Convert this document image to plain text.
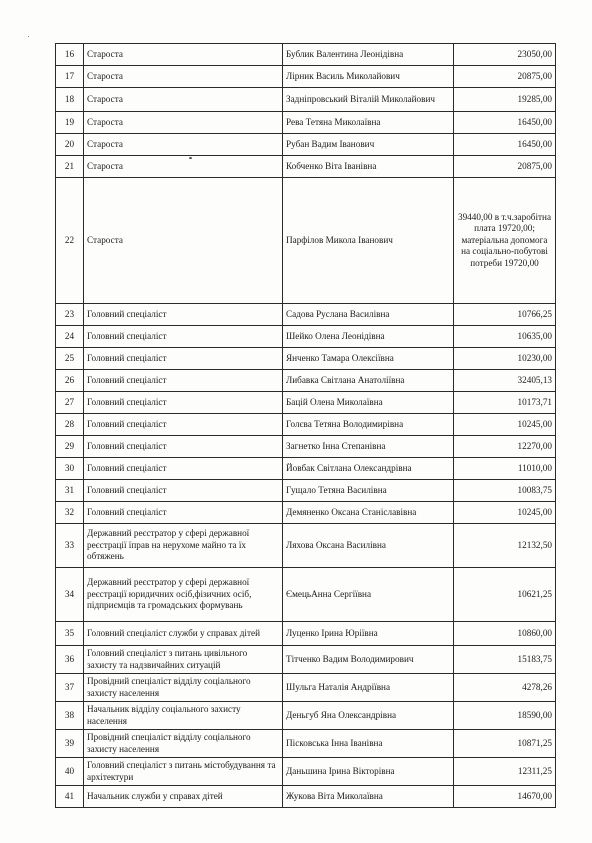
16	Староста	Бублик Валентина Леонідівна	23050,00
17	Староста	Лірник Василь Миколайович	20875,00
18	Староста	Задніпровський Віталій Миколайович	19285,00
19	Староста	Рева Тетяна Миколаївна	16450,00
20	Староста	Рубан Вадим Іванович	16450,00
21	Староста	Кобченко Віта Іванівна	20875,00
22	Староста	Парфілов Микола Іванович	39440,00 в т.ч.заробітна плата 19720,00; матеріальна допомога на соціально-побутові потреби 19720,00
23	Головний спеціаліст	Садова Руслана Василівна	10766,25
24	Головний спеціаліст	Шейко Олена Леонідівна	10635,00
25	Головний спеціаліст	Янченко Тамара Олексіївна	10230,00
26	Головний спеціаліст	Либавка Світлана Анатоліївна	32405,13
27	Головний спеціаліст	Бацій Олена Миколаївна	10173,71
28	Головний спеціаліст	Голєва Тетяна Володимирівна	10245,00
29	Головний спеціаліст	Загнетко Інна Степанівна	12270,00
30	Головний спеціаліст	Йовбак Світлана Олександрівна	11010,00
31	Головний спеціаліст	Гущало Тетяна Василівна	10083,75
32	Головний спеціаліст	Демяненко Оксана Станіславівна	10245,00
33	Державний реєстратор у сфері державної реєстрації їправ на нерухоме майно та їх обтяжень	Ляхова Оксана Василівна	12132,50
34	Державний реєстратор у сфері державної реєстрації юридичних осіб,фізичних осіб, підприємців та громадських формувань	ЄмецьАнна Сергіївна	10621,25
35	Головний спеціаліст служби у справах дітей	Луценко Ірина Юріївна	10860,00
36	Головний спеціаліст з питань цивільного захисту та надзвичайних ситуацій	Тітченко Вадим Володимирович	15183,75
37	Провідний спеціаліст відділу соціального захисту населення	Шульга Наталія Андріївна	4278,26
38	Начальник відділу соціального захисту населення	Деньгуб Яна Олександрівна	18590,00
39	Провідний спеціаліст відділу соціального захисту населення	Пісковська Інна Іванівна	10871,25
40	Головний спеціаліст з питань містобудування та архітектури	Даньшина Ірина Вікторівна	12311,25
41	Начальник служби у справах дітей	Жукова Віта Миколаївна	14670,00
